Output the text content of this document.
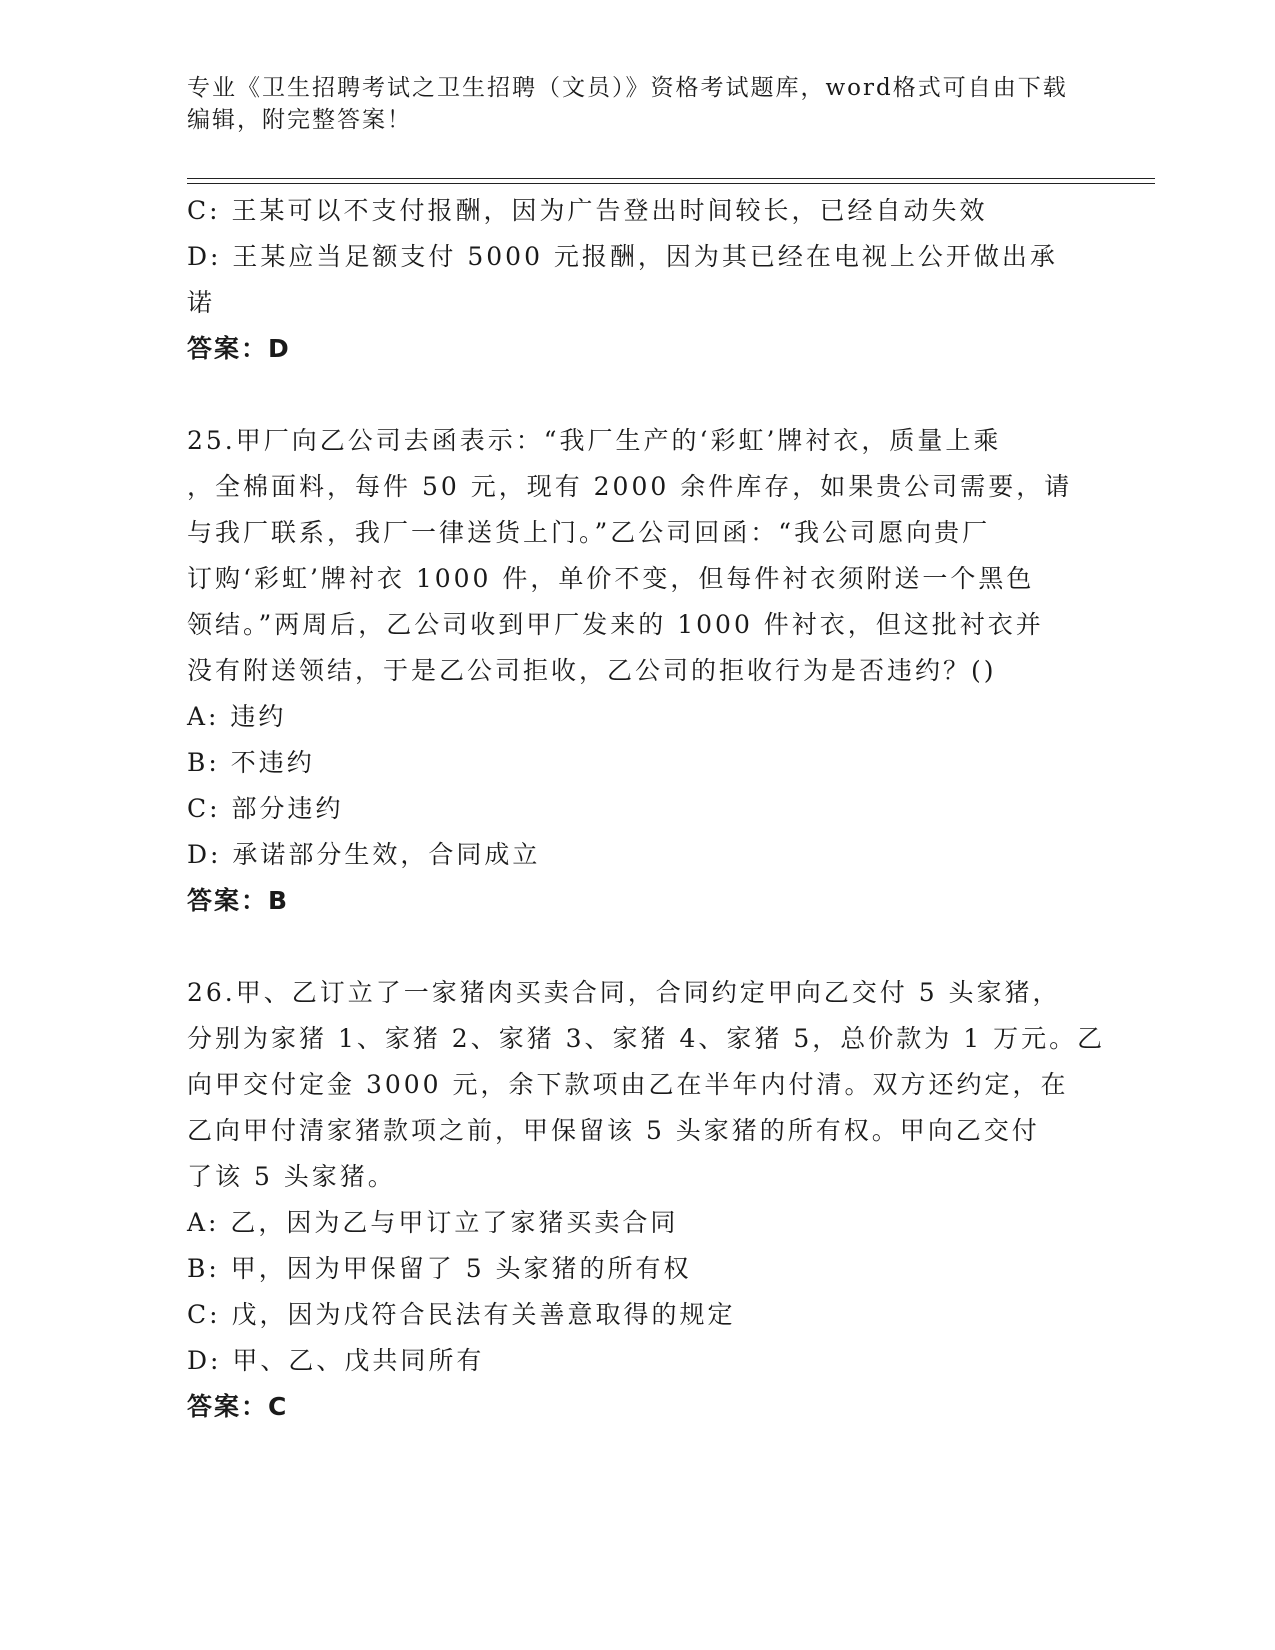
专业《卫生招聘考试之卫生招聘（文员）》资格考试题库，word格式可自由下载
编辑，附完整答案！
C: 王某可以不支付报酬，因为广告登出时间较长，已经自动失效
D: 王某应当足额支付 5000 元报酬，因为其已经在电视上公开做出承
诺
答案：D
25.甲厂向乙公司去函表示：“我厂生产的‘彩虹’牌衬衣，质量上乘
，全棉面料，每件 50 元，现有 2000 余件库存，如果贵公司需要，请
与我厂联系，我厂一律送货上门。”乙公司回函：“我公司愿向贵厂
订购‘彩虹’牌衬衣 1000 件，单价不变，但每件衬衣须附送一个黑色
领结。”两周后，乙公司收到甲厂发来的 1000 件衬衣，但这批衬衣并
没有附送领结，于是乙公司拒收，乙公司的拒收行为是否违约？()
A: 违约
B: 不违约
C: 部分违约
D: 承诺部分生效，合同成立
答案：B
26.甲、乙订立了一家猪肉买卖合同，合同约定甲向乙交付 5 头家猪，
分别为家猪 1、家猪 2、家猪 3、家猪 4、家猪 5，总价款为 1 万元。乙
向甲交付定金 3000 元，余下款项由乙在半年内付清。双方还约定，在
乙向甲付清家猪款项之前，甲保留该 5 头家猪的所有权。甲向乙交付
了该 5 头家猪。
A: 乙，因为乙与甲订立了家猪买卖合同
B: 甲，因为甲保留了 5 头家猪的所有权
C: 戊，因为戊符合民法有关善意取得的规定
D: 甲、乙、戊共同所有
答案：C
